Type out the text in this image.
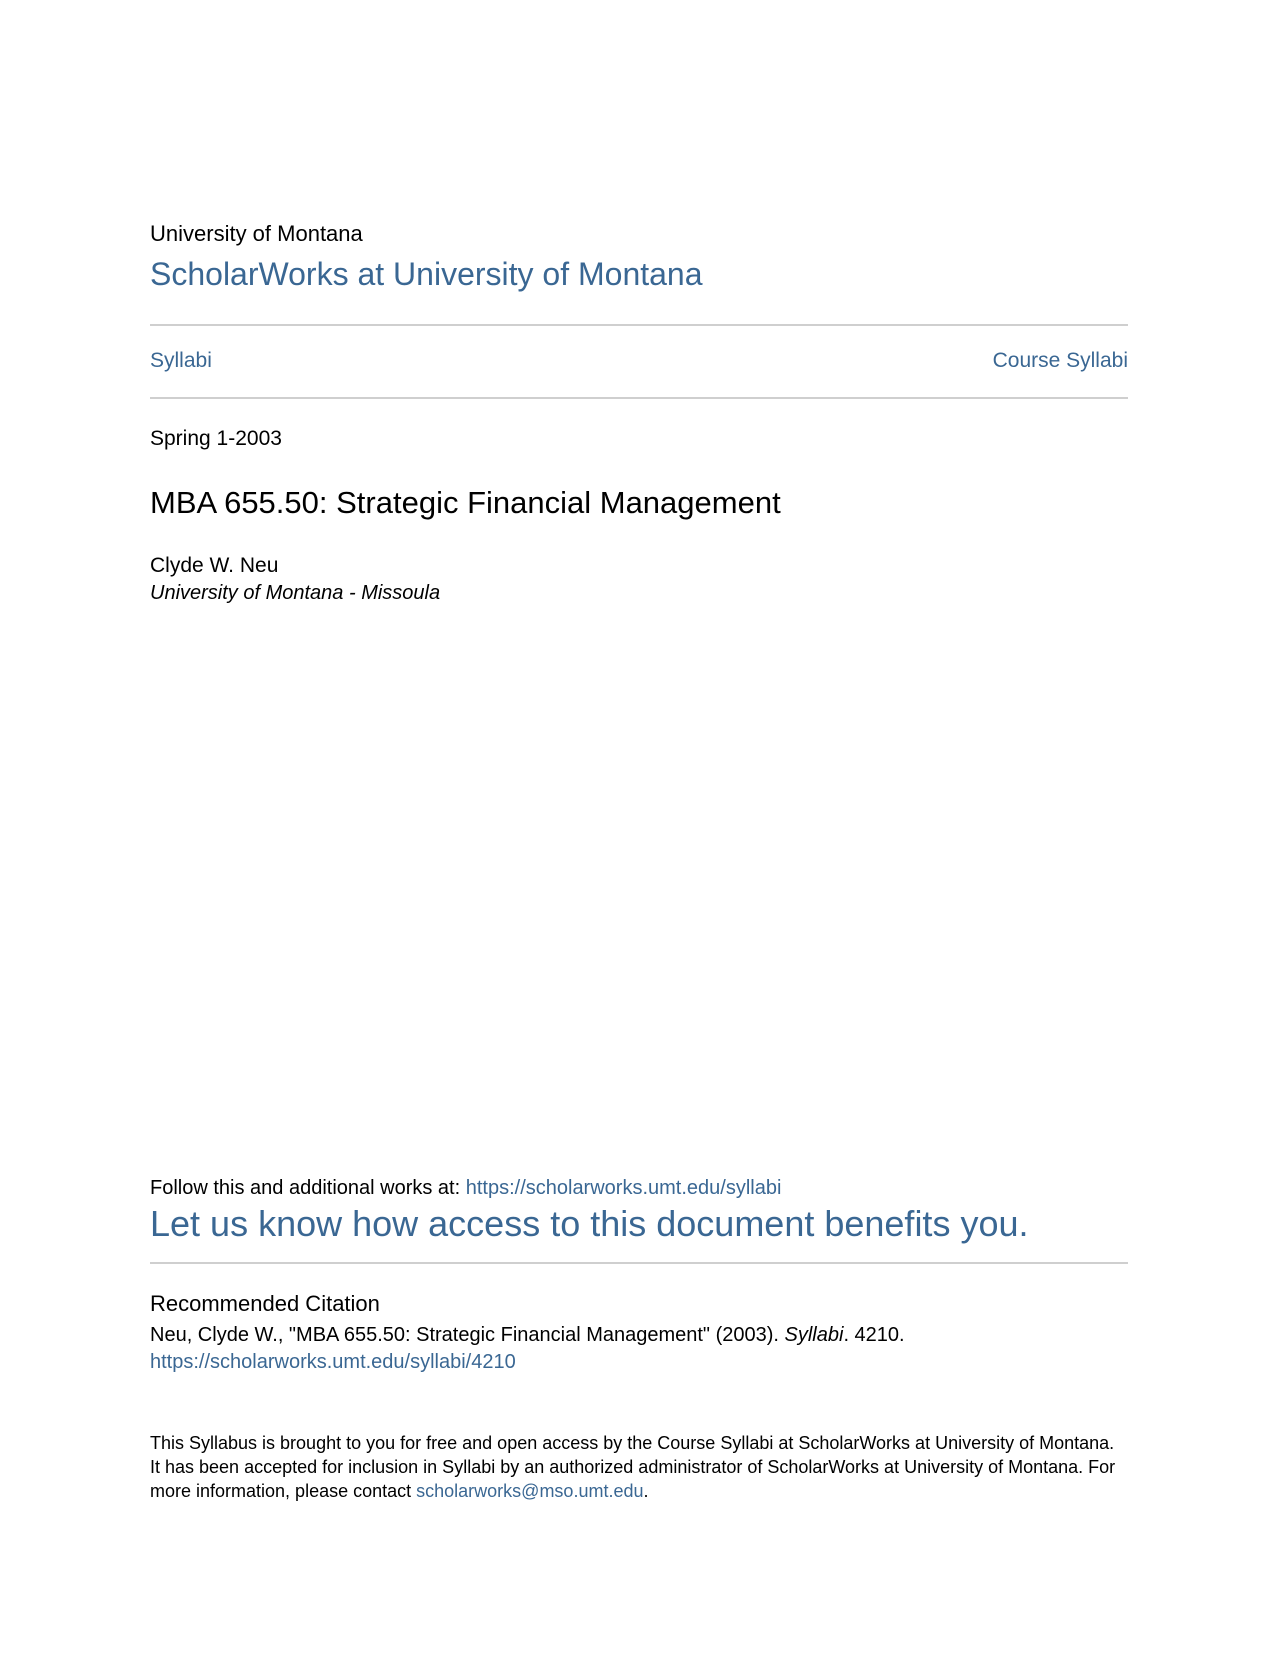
University of Montana
ScholarWorks at University of Montana
Syllabi	Course Syllabi
Spring 1-2003
MBA 655.50: Strategic Financial Management
Clyde W. Neu
University of Montana - Missoula
Follow this and additional works at: https://scholarworks.umt.edu/syllabi
Let us know how access to this document benefits you.
Recommended Citation
Neu, Clyde W., "MBA 655.50: Strategic Financial Management" (2003). Syllabi. 4210.
https://scholarworks.umt.edu/syllabi/4210
This Syllabus is brought to you for free and open access by the Course Syllabi at ScholarWorks at University of Montana. It has been accepted for inclusion in Syllabi by an authorized administrator of ScholarWorks at University of Montana. For more information, please contact scholarworks@mso.umt.edu.
